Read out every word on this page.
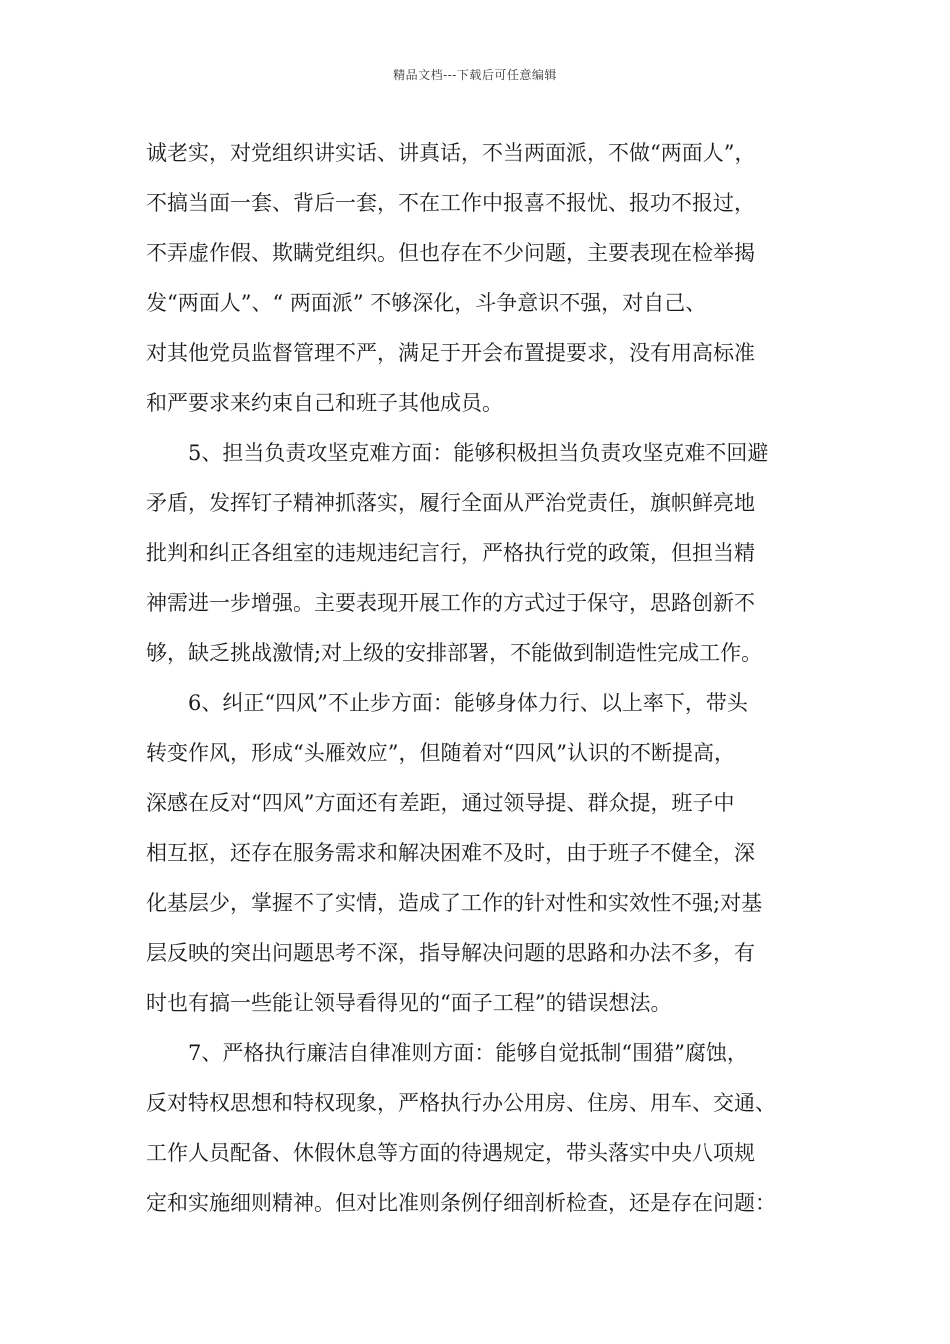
精品文档---下载后可任意编辑
诚老实，对党组织讲实话、讲真话，不当两面派，不做“两面人”，
不搞当面一套、背后一套，不在工作中报喜不报忧、报功不报过，
不弄虚作假、欺瞒党组织。但也存在不少问题，主要表现在检举揭
发“两面人”、“ 两面派” 不够深化，斗争意识不强，对自己、
对其他党员监督管理不严，满足于开会布置提要求，没有用高标准
和严要求来约束自己和班子其他成员。
5、担当负责攻坚克难方面：能够积极担当负责攻坚克难不回避
矛盾，发挥钉子精神抓落实，履行全面从严治党责任，旗帜鲜亮地
批判和纠正各组室的违规违纪言行，严格执行党的政策，但担当精
神需进一步增强。主要表现开展工作的方式过于保守，思路创新不
够，缺乏挑战激情;对上级的安排部署，不能做到制造性完成工作。
6、纠正“四风”不止步方面：能够身体力行、以上率下，带头
转变作风，形成“头雁效应”，但随着对“四风”认识的不断提高，
深感在反对“四风”方面还有差距，通过领导提、群众提，班子中
相互抠，还存在服务需求和解决困难不及时，由于班子不健全，深
化基层少，掌握不了实情，造成了工作的针对性和实效性不强;对基
层反映的突出问题思考不深，指导解决问题的思路和办法不多，有
时也有搞一些能让领导看得见的“面子工程”的错误想法。
7、严格执行廉洁自律准则方面：能够自觉抵制“围猎”腐蚀，
反对特权思想和特权现象，严格执行办公用房、住房、用车、交通、
工作人员配备、休假休息等方面的待遇规定，带头落实中央八项规
定和实施细则精神。但对比准则条例仔细剖析检查，还是存在问题：
